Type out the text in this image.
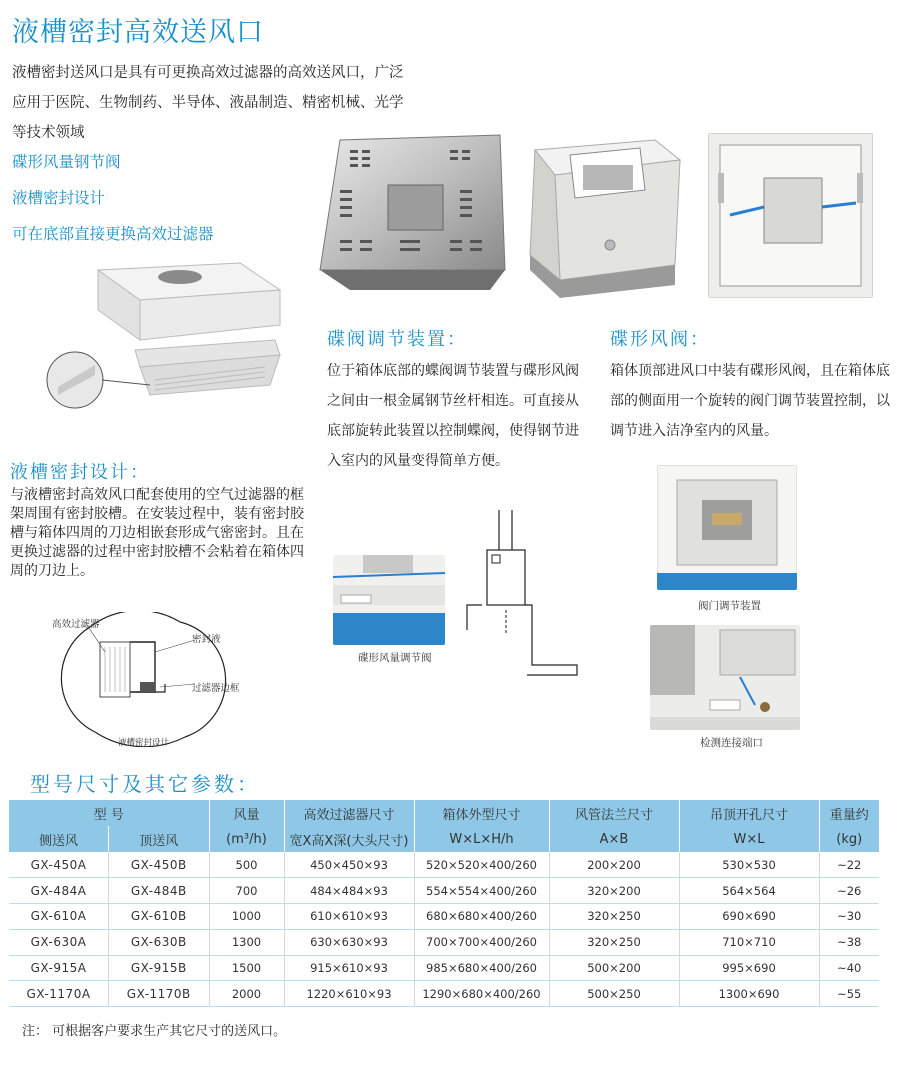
液槽密封高效送风口
液槽密封送风口是具有可更换高效过滤器的高效送风口，广泛应用于医院、生物制药、半导体、液晶制造、精密机械、光学等技术领域
碟形风量钢节阀
液槽密封设计
可在底部直接更换高效过滤器
碟阀调节装置：
位于箱体底部的蝶阀调节装置与碟形风阀之间由一根金属钢节丝杆相连。可直接从底部旋转此装置以控制蝶阀，使得钢节进入室内的风量变得简单方便。
碟形风阀：
箱体顶部进风口中装有碟形风阀，且在箱体底部的侧面用一个旋转的阀门调节装置控制，以调节进入洁净室内的风量。
液槽密封设计：
与液槽密封高效风口配套使用的空气过滤器的框架周围有密封胶槽。在安装过程中，装有密封胶槽与箱体四周的刀边相嵌套形成气密密封。且在更换过滤器的过程中密封胶槽不会粘着在箱体四周的刀边上。
高效过滤器
密封液
过滤器边框
液槽密封设计
碟形风量调节阀
阀门调节装置
检测连接端口
型号尺寸及其它参数：
型 号		风量	高效过滤器尺寸	箱体外型尺寸	风管法兰尺寸	吊顶开孔尺寸	重量约
侧送风	顶送风	(m³/h)	宽X高X深(大头尺寸)	W×L×H/h	A×B	W×L	(kg)
GX-450A	GX-450B	500	450×450×93	520×520×400/260	200×200	530×530	~22
GX-484A	GX-484B	700	484×484×93	554×554×400/260	320×200	564×564	~26
GX-610A	GX-610B	1000	610×610×93	680×680×400/260	320×250	690×690	~30
GX-630A	GX-630B	1300	630×630×93	700×700×400/260	320×250	710×710	~38
GX-915A	GX-915B	1500	915×610×93	985×680×400/260	500×200	995×690	~40
GX-1170A	GX-1170B	2000	1220×610×93	1290×680×400/260	500×250	1300×690	~55
注： 可根据客户要求生产其它尺寸的送风口。
